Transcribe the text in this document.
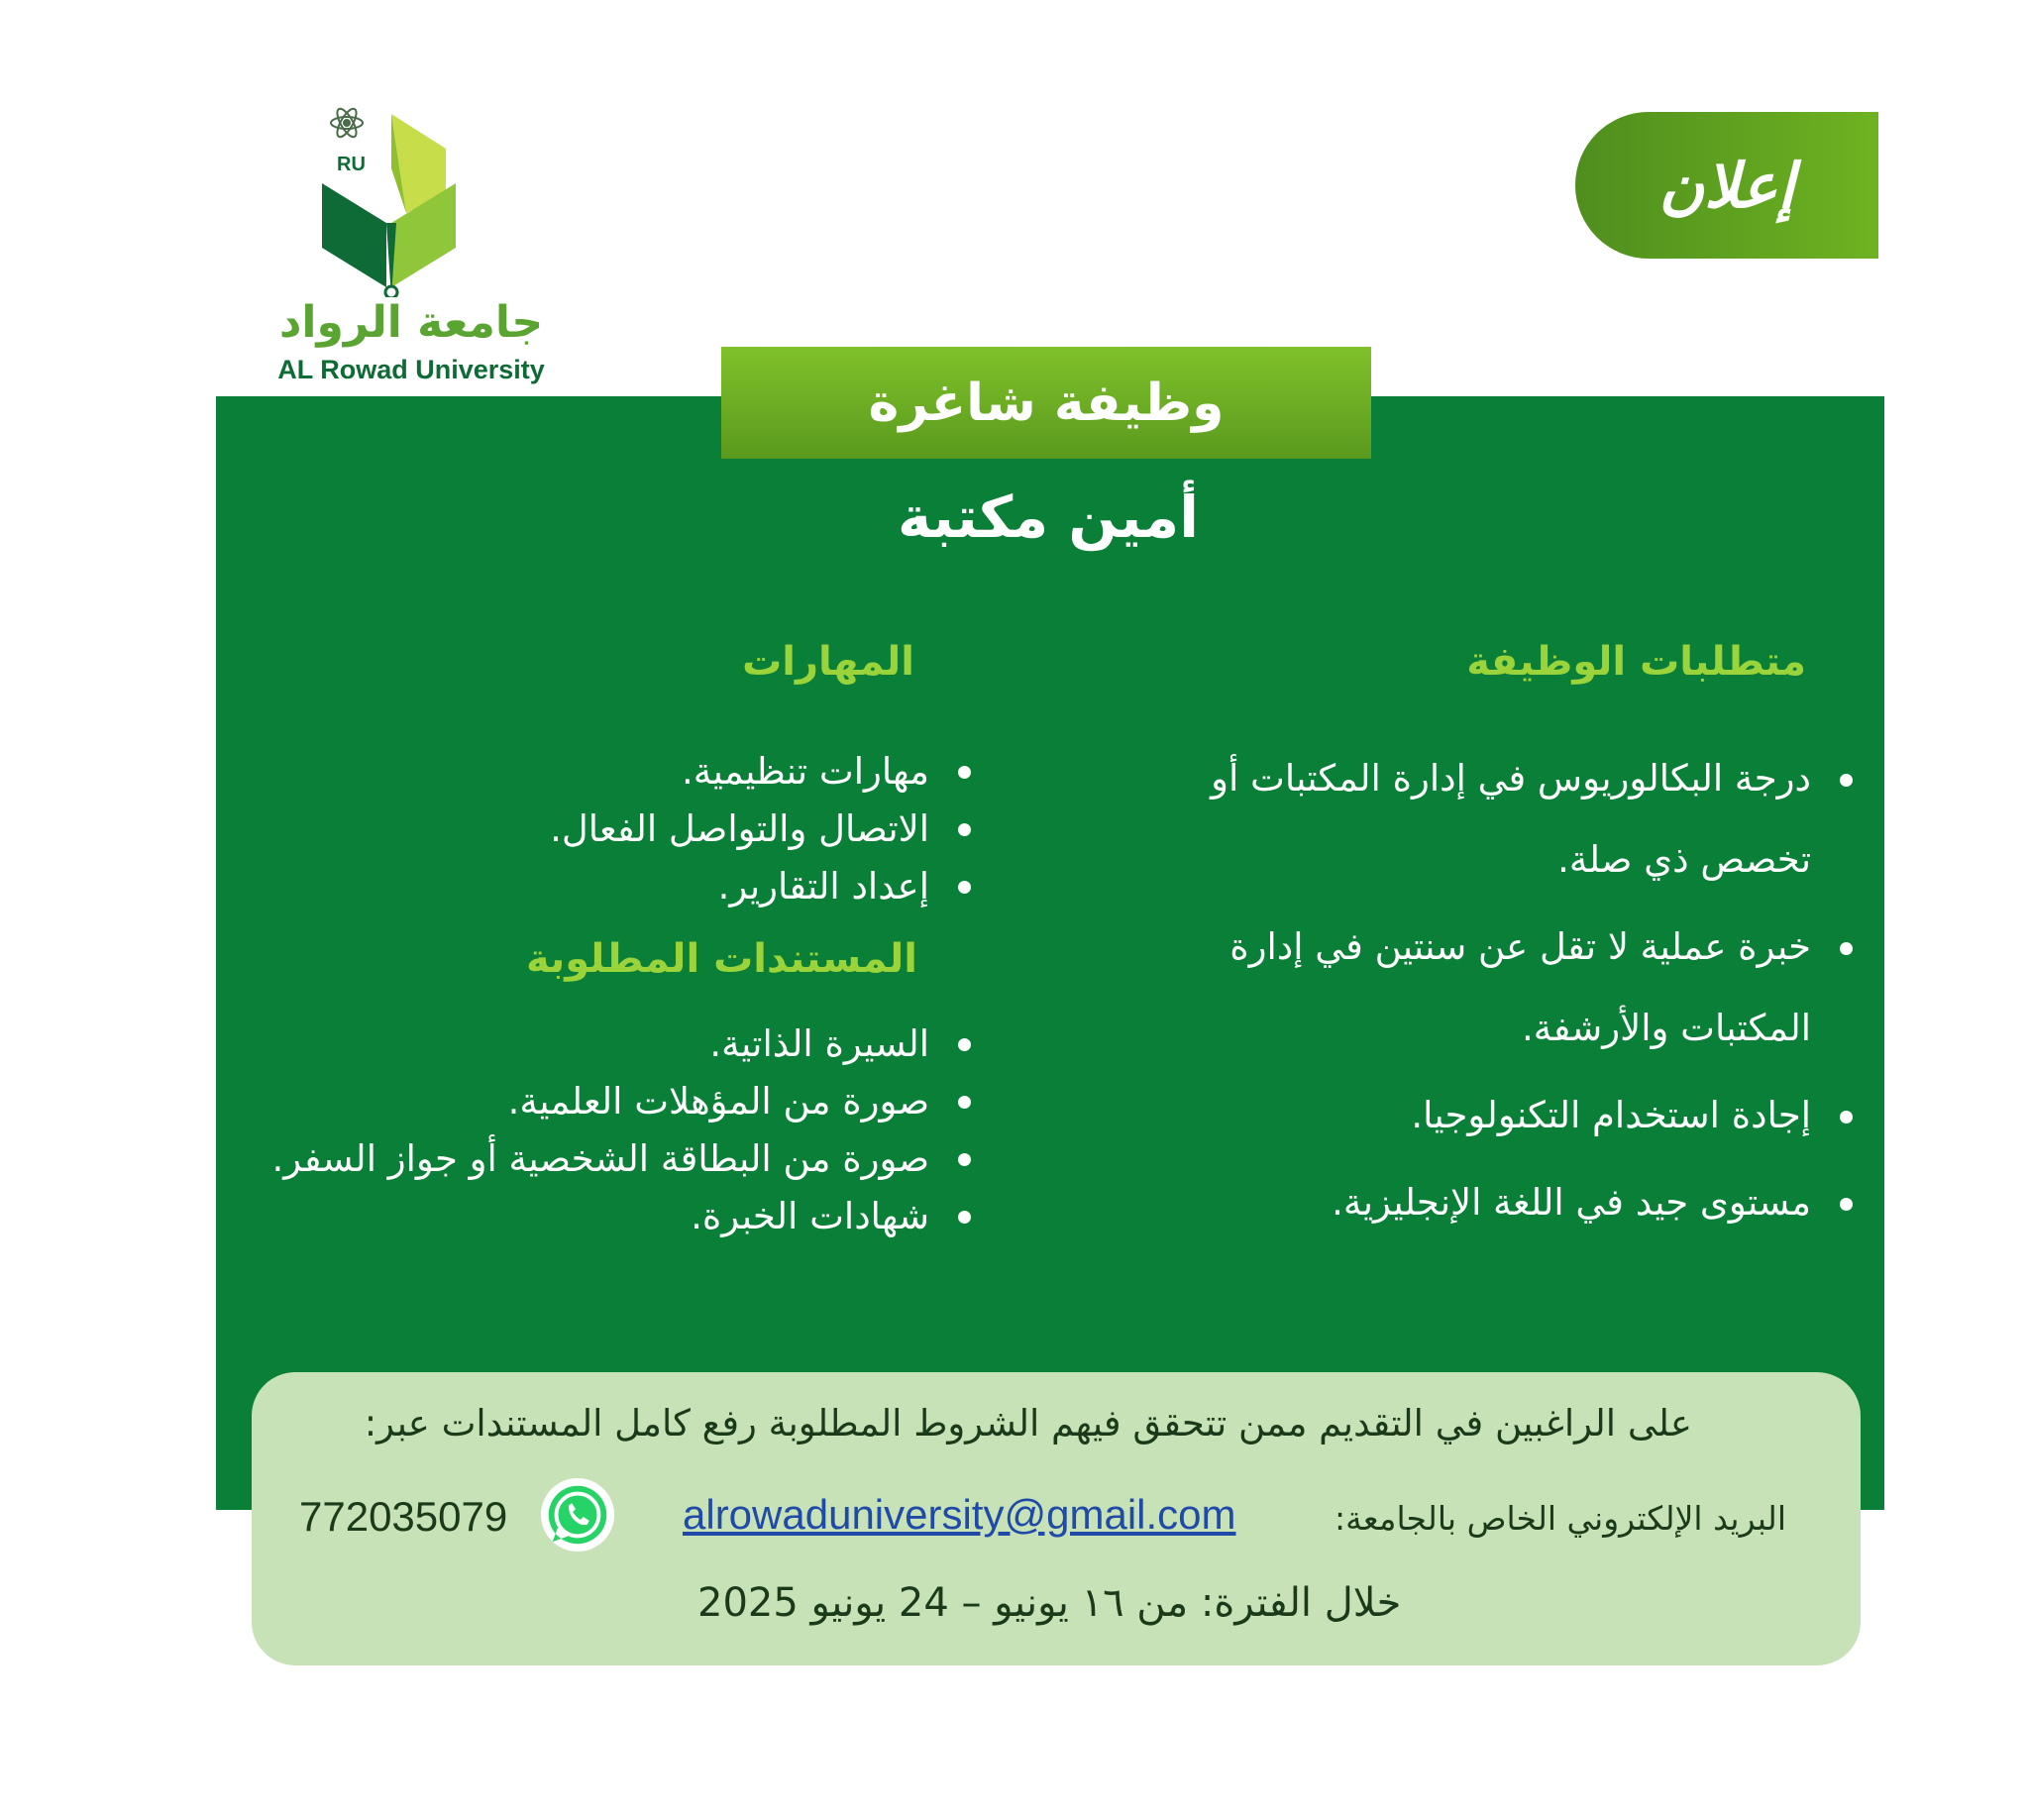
RU
جامعة الرواد
AL Rowad University
إعلان
وظيفة شاغرة
أمين مكتبة
متطلبات الوظيفة
درجة البكالوريوس في إدارة المكتبات أو تخصص ذي صلة.
خبرة عملية لا تقل عن سنتين في إدارة المكتبات والأرشفة.
إجادة استخدام التكنولوجيا.
مستوى جيد في اللغة الإنجليزية.
المهارات
مهارات تنظيمية.
الاتصال والتواصل الفعال.
إعداد التقارير.
المستندات المطلوبة
السيرة الذاتية.
صورة من المؤهلات العلمية.
صورة من البطاقة الشخصية أو جواز السفر.
شهادات الخبرة.
على الراغبين في التقديم ممن تتحقق فيهم الشروط المطلوبة رفع كامل المستندات عبر:
البريد الإلكتروني الخاص بالجامعة:
alrowaduniversity@gmail.com
772035079
خلال الفترة: من ١٦ يونيو – 24 يونيو 2025
